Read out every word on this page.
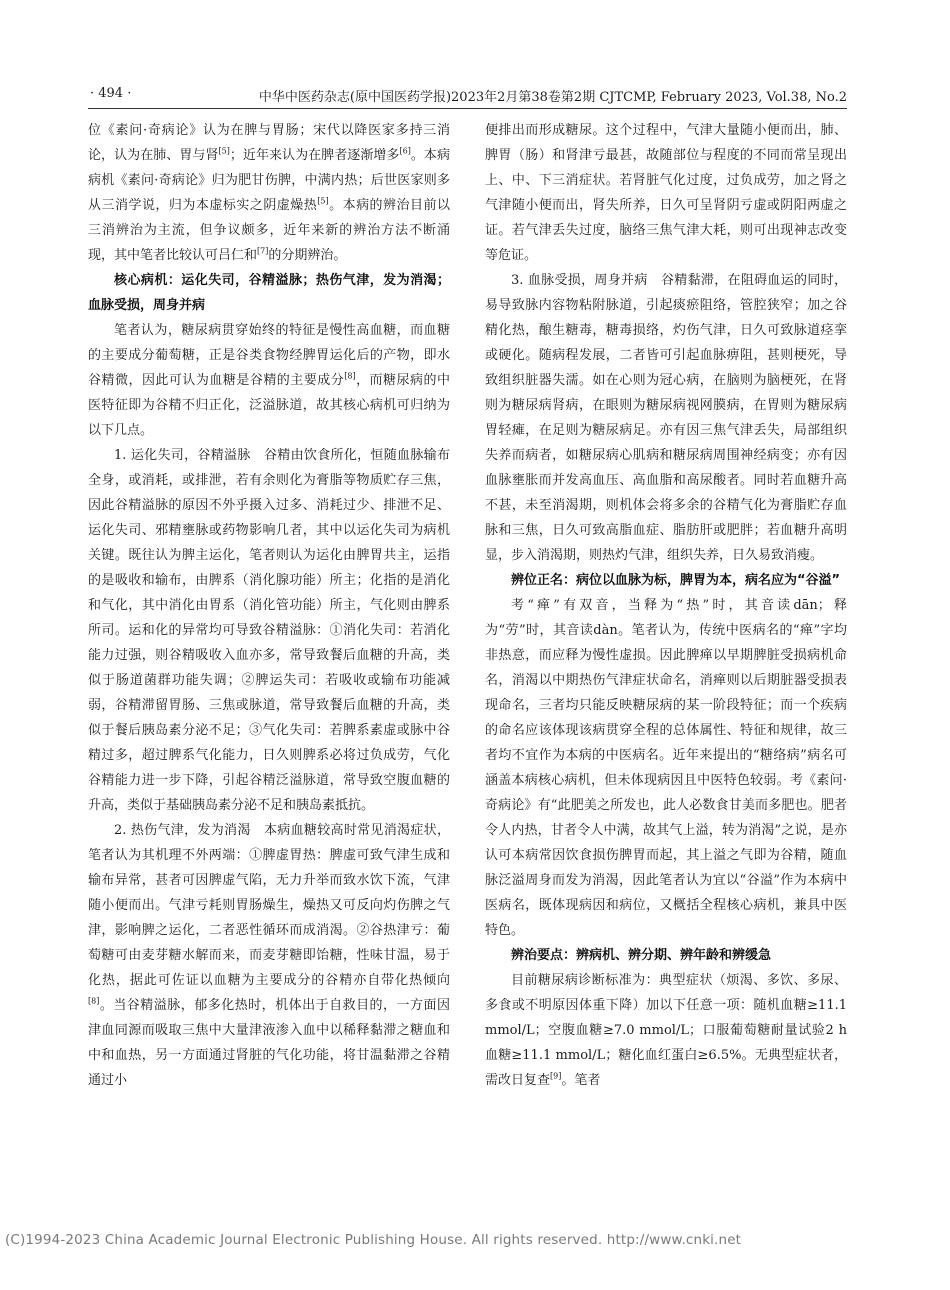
· 494 ·	中华中医药杂志(原中国医药学报)2023年2月第38卷第2期 CJTCMP, February 2023, Vol.38, No.2

位《素问·奇病论》认为在脾与胃肠；宋代以降医家多持三消论，认为在肺、胃与肾[5]；近年来认为在脾者逐渐增多[6]。本病病机《素问·奇病论》归为肥甘伤脾，中满内热；后世医家则多从三消学说，归为本虚标实之阴虚燥热[5]。本病的辨治目前以三消辨治为主流，但争议颇多，近年来新的辨治方法不断涌现，其中笔者比较认可吕仁和[7]的分期辨治。

核心病机：运化失司，谷精溢脉；热伤气津，发为消渴；血脉受损，周身并病

笔者认为，糖尿病贯穿始终的特征是慢性高血糖，而血糖的主要成分葡萄糖，正是谷类食物经脾胃运化后的产物，即水谷精微，因此可认为血糖是谷精的主要成分[8]，而糖尿病的中医特征即为谷精不归正化，泛溢脉道，故其核心病机可归纳为以下几点。

1. 运化失司，谷精溢脉　谷精由饮食所化，恒随血脉输布全身，或消耗，或排泄，若有余则化为膏脂等物质贮存三焦，因此谷精溢脉的原因不外乎摄入过多、消耗过少、排泄不足、运化失司、邪精壅脉或药物影响几者，其中以运化失司为病机关键。既往认为脾主运化，笔者则认为运化由脾胃共主，运指的是吸收和输布，由脾系（消化腺功能）所主；化指的是消化和气化，其中消化由胃系（消化管功能）所主，气化则由脾系所司。运和化的异常均可导致谷精溢脉：①消化失司：若消化能力过强，则谷精吸收入血亦多，常导致餐后血糖的升高，类似于肠道菌群功能失调；②脾运失司：若吸收或输布功能减弱，谷精滞留胃肠、三焦或脉道，常导致餐后血糖的升高，类似于餐后胰岛素分泌不足；③气化失司：若脾系素虚或脉中谷精过多，超过脾系气化能力，日久则脾系必将过负成劳，气化谷精能力进一步下降，引起谷精泛溢脉道，常导致空腹血糖的升高，类似于基础胰岛素分泌不足和胰岛素抵抗。

2. 热伤气津，发为消渴　本病血糖较高时常见消渴症状，笔者认为其机理不外两端：①脾虚胃热：脾虚可致气津生成和输布异常，甚者可因脾虚气陷，无力升举而致水饮下流，气津随小便而出。气津亏耗则胃肠燥生，燥热又可反向灼伤脾之气津，影响脾之运化，二者恶性循环而成消渴。②谷热津亏：葡萄糖可由麦芽糖水解而来，而麦芽糖即饴糖，性味甘温，易于化热，据此可佐证以血糖为主要成分的谷精亦自带化热倾向[8]。当谷精溢脉，郁多化热时，机体出于自救目的，一方面因津血同源而吸取三焦中大量津液渗入血中以稀释黏滞之糖血和中和血热，另一方面通过肾脏的气化功能，将甘温黏滞之谷精通过小

便排出而形成糖尿。这个过程中，气津大量随小便而出，肺、脾胃（肠）和肾津亏最甚，故随部位与程度的不同而常呈现出上、中、下三消症状。若肾脏气化过度，过负成劳，加之肾之气津随小便而出，肾失所养，日久可呈肾阴亏虚或阴阳两虚之证。若气津丢失过度，脑络三焦气津大耗，则可出现神志改变等危证。

3. 血脉受损，周身并病　谷精黏滞，在阻碍血运的同时，易导致脉内容物粘附脉道，引起痰瘀阻络，管腔狭窄；加之谷精化热，酿生糖毒，糖毒损络，灼伤气津，日久可致脉道痉挛或硬化。随病程发展，二者皆可引起血脉痹阻，甚则梗死，导致组织脏器失濡。如在心则为冠心病，在脑则为脑梗死，在肾则为糖尿病肾病，在眼则为糖尿病视网膜病，在胃则为糖尿病胃轻瘫，在足则为糖尿病足。亦有因三焦气津丢失，局部组织失养而病者，如糖尿病心肌病和糖尿病周围神经病变；亦有因血脉壅胀而并发高血压、高血脂和高尿酸者。同时若血糖升高不甚，未至消渴期，则机体会将多余的谷精气化为膏脂贮存血脉和三焦，日久可致高脂血症、脂肪肝或肥胖；若血糖升高明显，步入消渴期，则热灼气津，组织失养，日久易致消瘦。

辨位正名：病位以血脉为标，脾胃为本，病名应为“谷溢”

考“瘅”有双音，当释为“热”时，其音读dān；释为“劳”时，其音读dàn。笔者认为，传统中医病名的“瘅”字均非热意，而应释为慢性虚损。因此脾瘅以早期脾脏受损病机命名，消渴以中期热伤气津症状命名，消瘅则以后期脏器受损表现命名，三者均只能反映糖尿病的某一阶段特征；而一个疾病的命名应该体现该病贯穿全程的总体属性、特征和规律，故三者均不宜作为本病的中医病名。近年来提出的“糖络病”病名可涵盖本病核心病机，但未体现病因且中医特色较弱。考《素问·奇病论》有“此肥美之所发也，此人必数食甘美而多肥也。肥者令人内热，甘者令人中满，故其气上溢，转为消渴”之说，是亦认可本病常因饮食损伤脾胃而起，其上溢之气即为谷精，随血脉泛溢周身而发为消渴，因此笔者认为宜以“谷溢”作为本病中医病名，既体现病因和病位，又概括全程核心病机，兼具中医特色。

辨治要点：辨病机、辨分期、辨年龄和辨缓急

目前糖尿病诊断标准为：典型症状（烦渴、多饮、多尿、多食或不明原因体重下降）加以下任意一项：随机血糖≥11.1 mmol/L；空腹血糖≥7.0 mmol/L；口服葡萄糖耐量试验2 h血糖≥11.1 mmol/L；糖化血红蛋白≥6.5%。无典型症状者，需改日复查[9]。笔者

(C)1994-2023 China Academic Journal Electronic Publishing House. All rights reserved. http://www.cnki.net
